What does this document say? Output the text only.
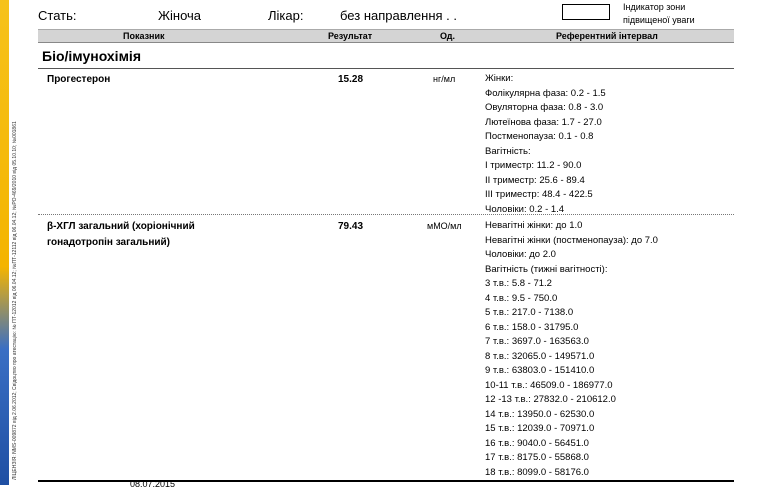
ЛІЦЕНЗІЯ: NMS-009872 від 2.06.2012; Свідоцтво про атестацію: № ПТ-12012 від 06.04.12; №ПТ-12112 від 06.04.12; №РО-469/2010 від 05.10.10; №001861
Стать:	Жіноча	Лікар:	без направлення . .
Індикатор зони
підвищеної уваги
Показник	Результат	Од.	Референтний інтервал
Біо/імунохімія
Прогестерон	15.28	нг/мл	Жінки:
Фолікулярна фаза: 0.2 - 1.5
Овуляторна фаза: 0.8 - 3.0
Лютеїнова фаза: 1.7 - 27.0
Постменопауза: 0.1 - 0.8
Вагітність:
I триместр: 11.2 - 90.0
II триместр: 25.6 - 89.4
III триместр: 48.4 - 422.5
Чоловіки: 0.2 - 1.4
β-ХГЛ загальний (хоріонічний
гонадотропін загальний)
79.43	мМО/мл Невагітні жінки: до 1.0
Невагітні жінки (постменопауза): до 7.0
Чоловіки: до 2.0
Вагітність (тижні вагітності):
3 т.в.: 5.8 - 71.2
4 т.в.: 9.5 - 750.0
5 т.в.: 217.0 - 7138.0
6 т.в.: 158.0 - 31795.0
7 т.в.: 3697.0 - 163563.0
8 т.в.: 32065.0 - 149571.0
9 т.в.: 63803.0 - 151410.0
10-11 т.в.: 46509.0 - 186977.0
12 -13 т.в.: 27832.0 - 210612.0
14 т.в.: 13950.0 - 62530.0
15 т.в.: 12039.0 - 70971.0
16 т.в.: 9040.0 - 56451.0
17 т.в.: 8175.0 - 55868.0
18 т.в.: 8099.0 - 58176.0
08.07.2015
